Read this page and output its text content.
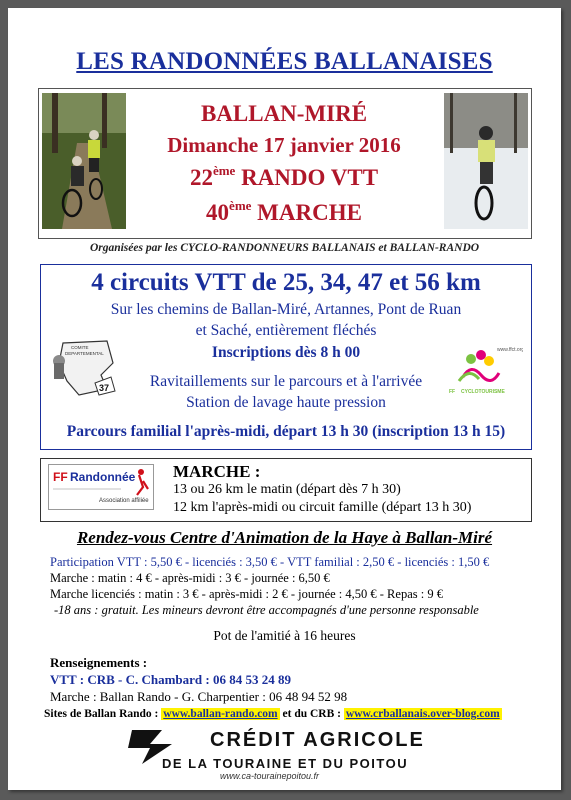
LES RANDONNÉES BALLANAISES
BALLAN-MIRÉ
Dimanche 17 janvier 2016
22ème RANDO VTT
40ème MARCHE
Organisées par les CYCLO-RANDONNEURS BALLANAIS et BALLAN-RANDO
4 circuits VTT de 25, 34, 47 et 56 km
Sur les chemins de Ballan-Miré, Artannes, Pont de Ruan
et Saché, entièrement fléchés
Inscriptions dès 8 h 00
Ravitaillements sur le parcours et à l'arrivée
Station de lavage haute pression
Parcours familial l'après-midi, départ 13 h 30 (inscription 13 h 15)
COMITE
DEPARTEMENTAL
37
www.ffct.org
FF CYCLOTOURISME
FF Randonnée
Association affiliée
MARCHE :
13 ou 26 km le matin (départ dès 7 h 30)
12 km l'après-midi ou circuit famille (départ 13 h 30)
Rendez-vous Centre d'Animation de la Haye à Ballan-Miré
Participation VTT : 5,50 € - licenciés : 3,50 € - VTT familial : 2,50 € - licenciés : 1,50 €
Marche : matin : 4 € - après-midi : 3 € - journée : 6,50 €
Marche licenciés : matin : 3 € - après-midi : 2 € - journée : 4,50 € - Repas : 9 €
-18 ans : gratuit. Les mineurs devront être accompagnés d'une personne responsable
Pot de l'amitié à 16 heures
Renseignements :
VTT : CRB - C. Chambard : 06 84 53 24 89
Marche : Ballan Rando - G. Charpentier : 06 48 94 52 98
Sites de Ballan Rando : www.ballan-rando.com et du CRB : www.crballanais.over-blog.com
CRÉDIT AGRICOLE
DE LA TOURAINE ET DU POITOU
www.ca-tourainepoitou.fr
